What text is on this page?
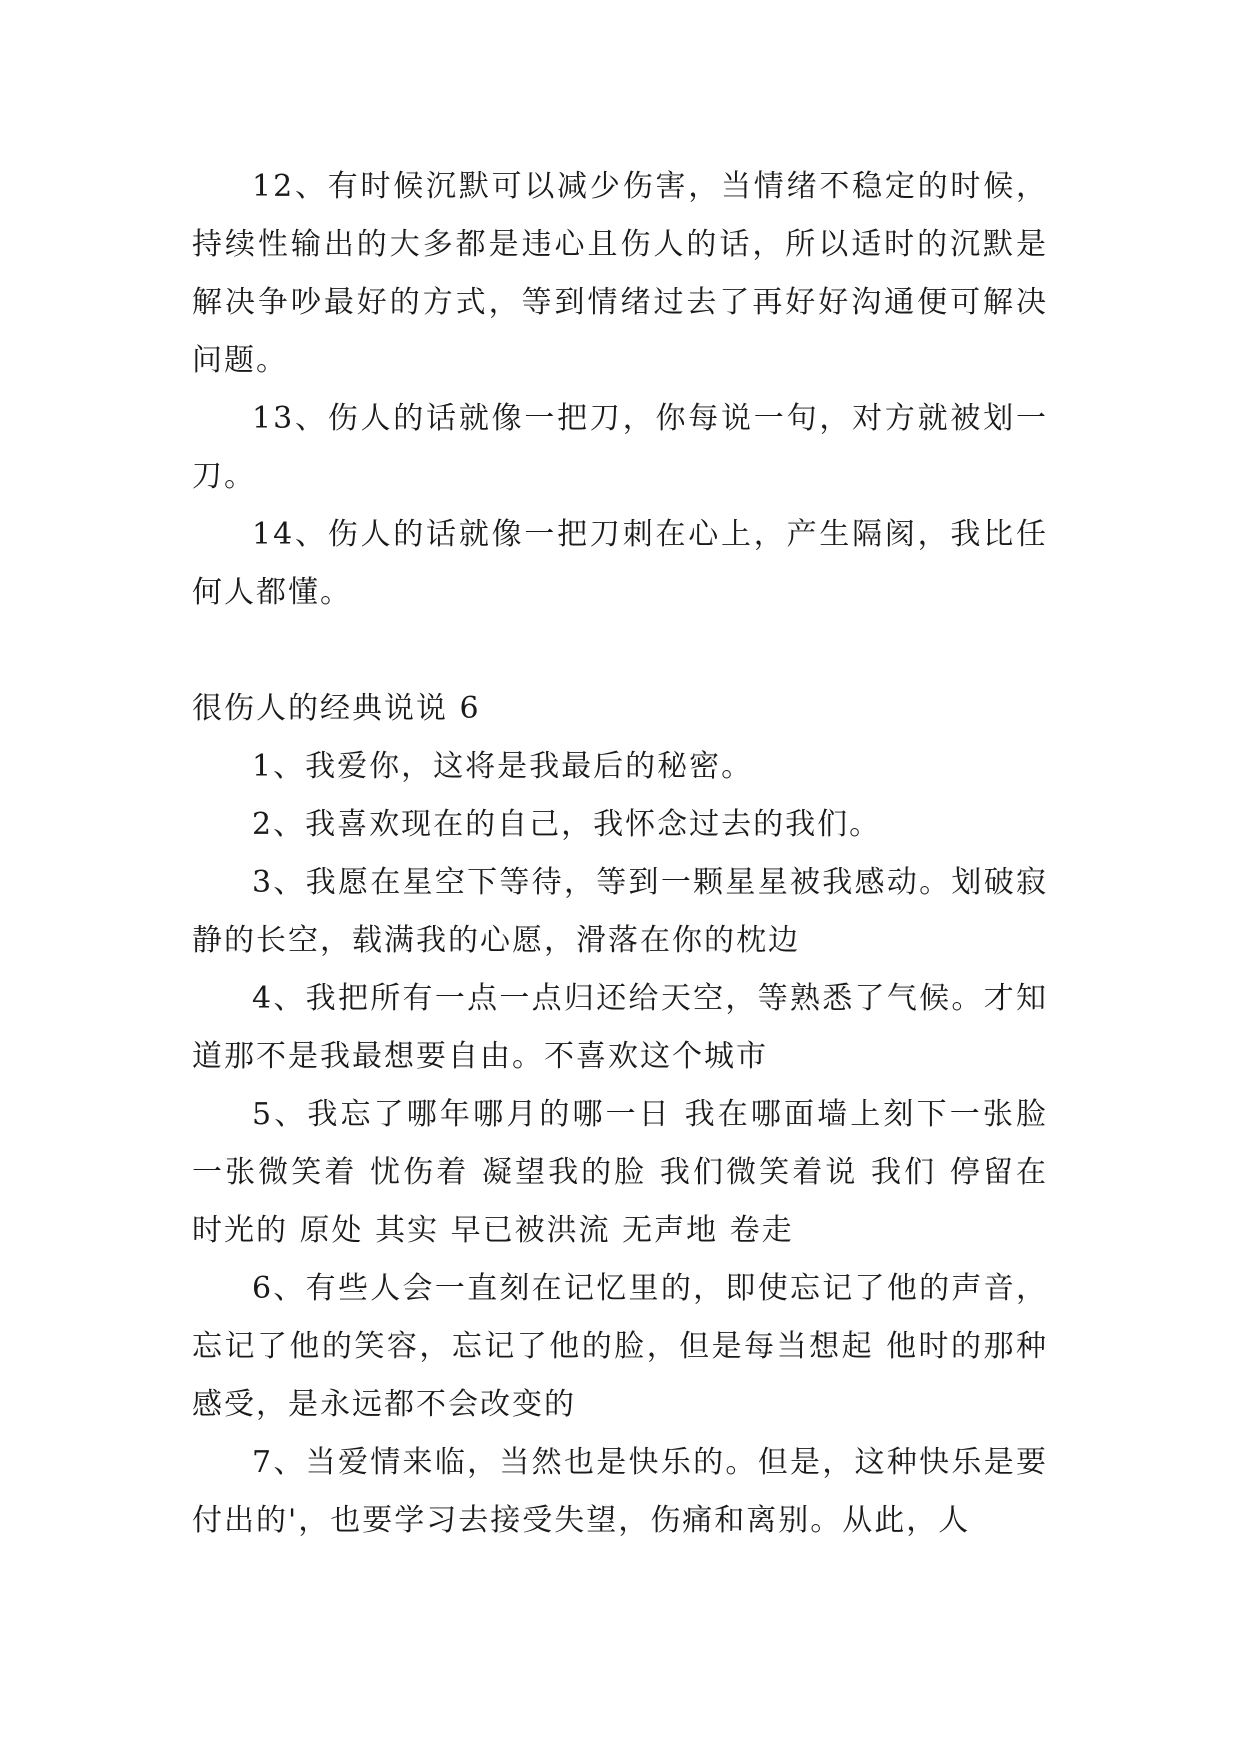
12、有时候沉默可以减少伤害，当情绪不稳定的时候，持续性输出的大多都是违心且伤人的话，所以适时的沉默是解决争吵最好的方式，等到情绪过去了再好好沟通便可解决问题。

13、伤人的话就像一把刀，你每说一句，对方就被划一刀。

14、伤人的话就像一把刀刺在心上，产生隔阂，我比任何人都懂。

很伤人的经典说说 6

1、我爱你，这将是我最后的秘密。

2、我喜欢现在的自己，我怀念过去的我们。

3、我愿在星空下等待，等到一颗星星被我感动。划破寂静的长空，载满我的心愿，滑落在你的枕边

4、我把所有一点一点归还给天空，等熟悉了气候。才知道那不是我最想要自由。不喜欢这个城市

5、我忘了哪年哪月的哪一日 我在哪面墙上刻下一张脸 一张微笑着 忧伤着 凝望我的脸 我们微笑着说 我们 停留在 时光的 原处 其实 早已被洪流 无声地 卷走

6、有些人会一直刻在记忆里的，即使忘记了他的声音，忘记了他的笑容，忘记了他的脸，但是每当想起 他时的那种感受，是永远都不会改变的

7、当爱情来临，当然也是快乐的。但是，这种快乐是要付出的'，也要学习去接受失望，伤痛和离别。从此，人
